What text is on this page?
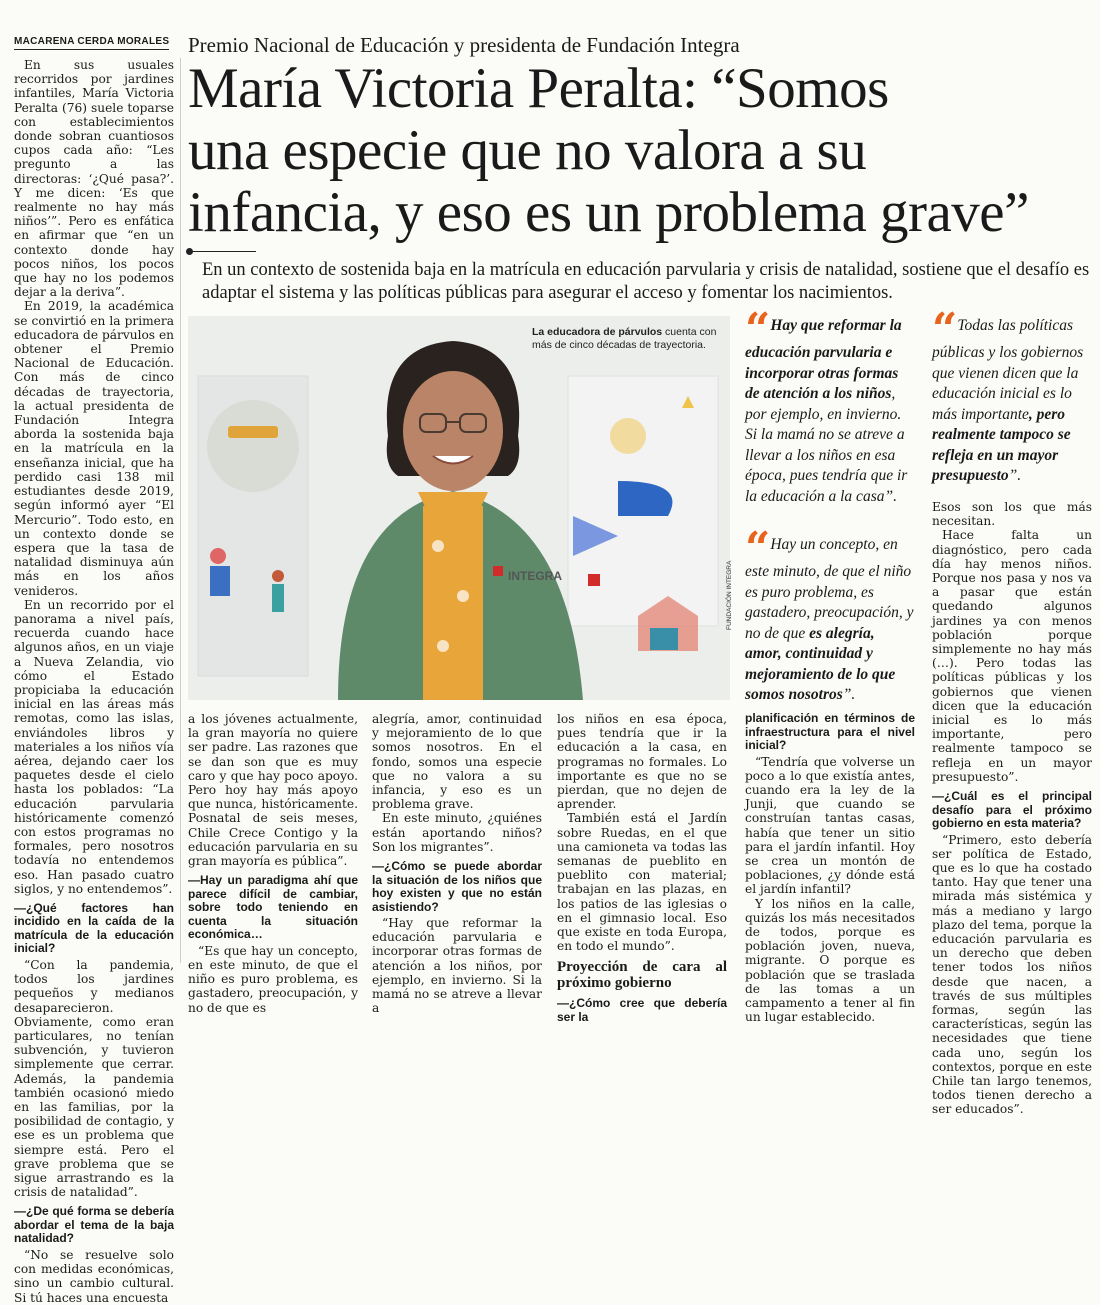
MACARENA CERDA MORALES Premio Nacional de Educación y presidenta de Fundación Integra
María Victoria Peralta: “Somos
una especie que no valora a su
infancia, y eso es un problema grave”
En un contexto de sostenida baja en la matrícula en educación parvularia y crisis de natalidad, sostiene que el desafío es adaptar el sistema y las políticas públicas para asegurar el acceso y fomentar los nacimientos.

En sus usuales recorridos por jardines infantiles, María Victoria Peralta (76) suele toparse con establecimientos donde sobran cuantiosos cupos cada año: “Les pregunto a las directoras: ‘¿Qué pasa?’. Y me dicen: ‘Es que realmente no hay más niños’”. Pero es enfática en afirmar que “en un contexto donde hay pocos niños, los pocos que hay no los podemos dejar a la deriva”.

En 2019, la académica se convirtió en la primera educadora de párvulos en obtener el Premio Nacional de Educación. Con más de cinco décadas de trayectoria, la actual presidenta de Fundación Integra aborda la sostenida baja en la matrícula en la enseñanza inicial, que ha perdido casi 138 mil estudiantes desde 2019, según informó ayer “El Mercurio”. Todo esto, en un contexto donde se espera que la tasa de natalidad disminuya aún más en los años venideros.

En un recorrido por el panorama a nivel país, recuerda cuando hace algunos años, en un viaje a Nueva Zelandia, vio cómo el Estado propiciaba la educación inicial en las áreas más remotas, como las islas, enviándoles libros y materiales a los niños vía aérea, dejando caer los paquetes desde el cielo hasta los poblados: “La educación parvularia históricamente comenzó con estos programas no formales, pero nosotros todavía no entendemos eso. Han pasado cuatro siglos, y no entendemos”.

—¿Qué factores han incidido en la caída de la matrícula de la educación inicial?

“Con la pandemia, todos los jardines pequeños y medianos desaparecieron. Obviamente, como eran particulares, no tenían subvención, y tuvieron simplemente que cerrar. Además, la pandemia también ocasionó miedo en las familias, por la posibilidad de contagio, y ese es un problema que siempre está. Pero el grave problema que se sigue arrastrando es la crisis de natalidad”.

—¿De qué forma se debería abordar el tema de la baja natalidad?

“No se resuelve solo con medidas económicas, sino un cambio cultural. Si tú haces una encuesta

INTEGRA
La educadora de párvulos cuenta con más de cinco décadas de trayectoria.
FUNDACIÓN INTEGRA
“ Hay que reformar la educación parvularia e incorporar otras formas de atención a los niños, por ejemplo, en invierno. Si la mamá no se atreve a llevar a los niños en esa época, pues tendría que ir la educación a la casa”.
“ Hay un concepto, en este minuto, de que el niño es puro problema, es gastadero, preocupación, y no de que es alegría, amor, continuidad y mejoramiento de lo que somos nosotros”.
“ Todas las políticas públicas y los gobiernos que vienen dicen que la educación inicial es lo más importante, pero realmente tampoco se refleja en un mayor presupuesto”.

a los jóvenes actualmente, la gran mayoría no quiere ser padre. Las razones que se dan son que es muy caro y que hay poco apoyo. Pero hoy hay más apoyo que nunca, históricamente. Posnatal de seis meses, Chile Crece Contigo y la educación parvularia en su gran mayoría es pública”.

—Hay un paradigma ahí que parece difícil de cambiar, sobre todo teniendo en cuenta la situación económica…

“Es que hay un concepto, en este minuto, de que el niño es puro problema, es gastadero, preocupación, y no de que es

alegría, amor, continuidad y mejoramiento de lo que somos nosotros. En el fondo, somos una especie que no valora a su infancia, y eso es un problema grave.

En este minuto, ¿quiénes están aportando niños? Son los migrantes”.

—¿Cómo se puede abordar la situación de los niños que hoy existen y que no están asistiendo?

“Hay que reformar la educación parvularia e incorporar otras formas de atención a los niños, por ejemplo, en invierno. Si la mamá no se atreve a llevar a

los niños en esa época, pues tendría que ir la educación a la casa, en programas no formales. Lo importante es que no se pierdan, que no dejen de aprender.

También está el Jardín sobre Ruedas, en el que una camioneta va todas las semanas de pueblito en pueblito con material; trabajan en las plazas, en los patios de las iglesias o en el gimnasio local. Eso que existe en toda Europa, en todo el mundo”.

Proyección de cara al próximo gobierno
—¿Cómo cree que debería ser la
planificación en términos de infraestructura para el nivel inicial?

“Tendría que volverse un poco a lo que existía antes, cuando era la ley de la Junji, que cuando se construían tantas casas, había que tener un sitio para el jardín infantil. Hoy se crea un montón de poblaciones, ¿y dónde está el jardín infantil?

Y los niños en la calle, quizás los más necesitados de todos, porque es población joven, nueva, migrante. O porque es población que se traslada de las tomas a un campamento a tener al fin un lugar establecido.

Esos son los que más necesitan.

Hace falta un diagnóstico, pero cada día hay menos niños. Porque nos pasa y nos va a pasar que están quedando algunos jardines ya con menos población porque simplemente no hay más (…). Pero todas las políticas públicas y los gobiernos que vienen dicen que la educación inicial es lo más importante, pero realmente tampoco se refleja en un mayor presupuesto”.

—¿Cuál es el principal desafío para el próximo gobierno en esta materia?

“Primero, esto debería ser política de Estado, que es lo que ha costado tanto. Hay que tener una mirada más sistémica y más a mediano y largo plazo del tema, porque la educación parvularia es un derecho que deben tener todos los niños desde que nacen, a través de sus múltiples formas, según las características, según las necesidades que tiene cada uno, según los contextos, porque en este Chile tan largo tenemos, todos tienen derecho a ser educados”.
